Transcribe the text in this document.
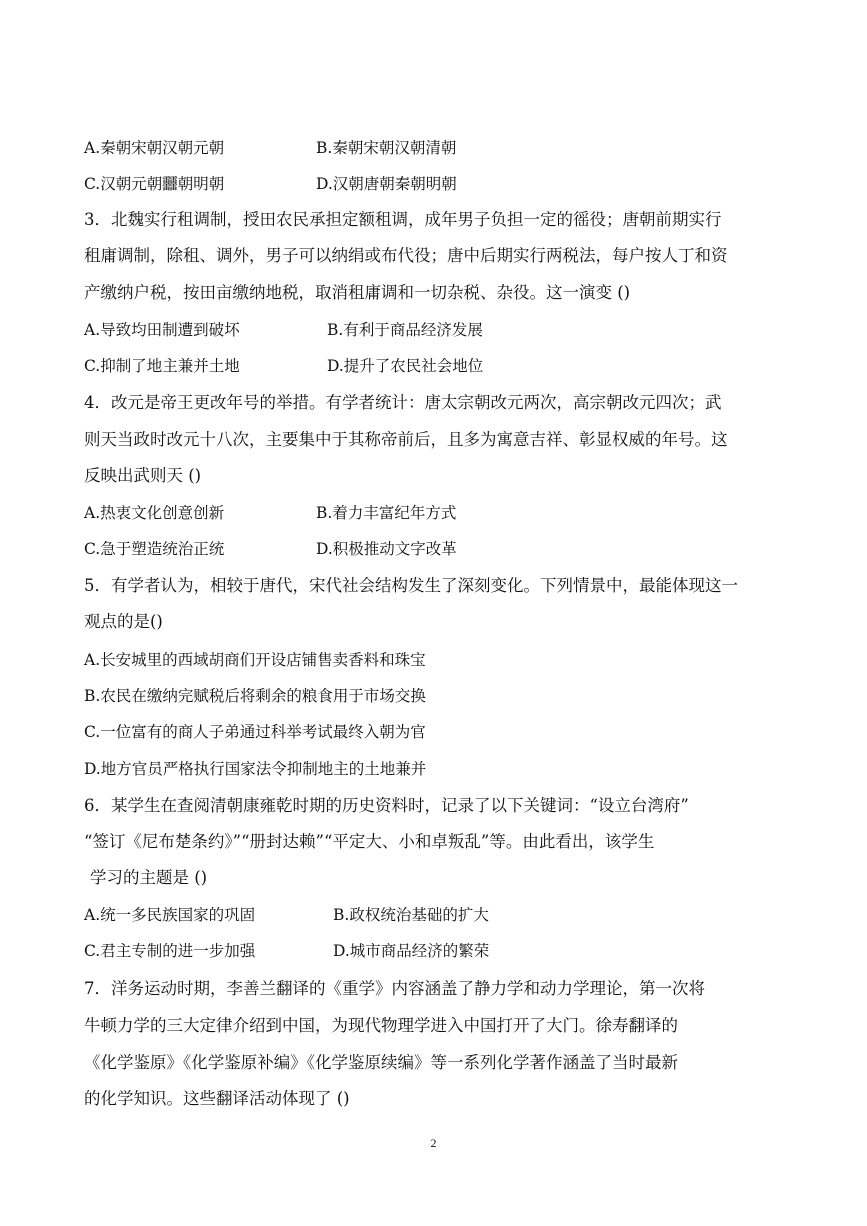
A.秦朝宋朝汉朝元朝	B.秦朝宋朝汉朝清朝
C.汉朝元朝䨻朝明朝	D.汉朝唐朝秦朝明朝
3．北魏实行租调制，授田农民承担定额租调，成年男子负担一定的徭役；唐朝前期实行
租庸调制，除租、调外，男子可以纳绢或布代役；唐中后期实行两税法，每户按人丁和资
产缴纳户税，按田亩缴纳地税，取消租庸调和一切杂税、杂役。这一演变 ()
A.导致均田制遭到破坏	B.有利于商品经济发展
C.抑制了地主兼并土地	D.提升了农民社会地位
4．改元是帝王更改年号的举措。有学者统计：唐太宗朝改元两次，高宗朝改元四次；武
则天当政时改元十八次，主要集中于其称帝前后，且多为寓意吉祥、彰显权威的年号。这
反映出武则天 ()
A.热衷文化创意创新	B.着力丰富纪年方式
C.急于塑造统治正统	D.积极推动文字改革
5．有学者认为，相较于唐代，宋代社会结构发生了深刻变化。下列情景中，最能体现这一
观点的是()
A.长安城里的西域胡商们开设店铺售卖香料和珠宝
B.农民在缴纳完赋税后将剩余的粮食用于市场交换
C.一位富有的商人子弟通过科举考试最终入朝为官
D.地方官员严格执行国家法令抑制地主的土地兼并
6．某学生在查阅清朝康雍乾时期的历史资料时，记录了以下关键词：“设立台湾府”
“签订《尼布楚条约》”“册封达赖”“平定大、小和卓叛乱”等。由此看出，该学生
学习的主题是 ()
A.统一多民族国家的巩固	B.政权统治基础的扩大
C.君主专制的进一步加强	D.城市商品经济的繁荣
7．洋务运动时期，李善兰翻译的《重学》内容涵盖了静力学和动力学理论，第一次将
牛顿力学的三大定律介绍到中国，为现代物理学进入中国打开了大门。徐寿翻译的
《化学鉴原》《化学鉴原补编》《化学鉴原续编》等一系列化学著作涵盖了当时最新
的化学知识。这些翻译活动体现了 ()
2
